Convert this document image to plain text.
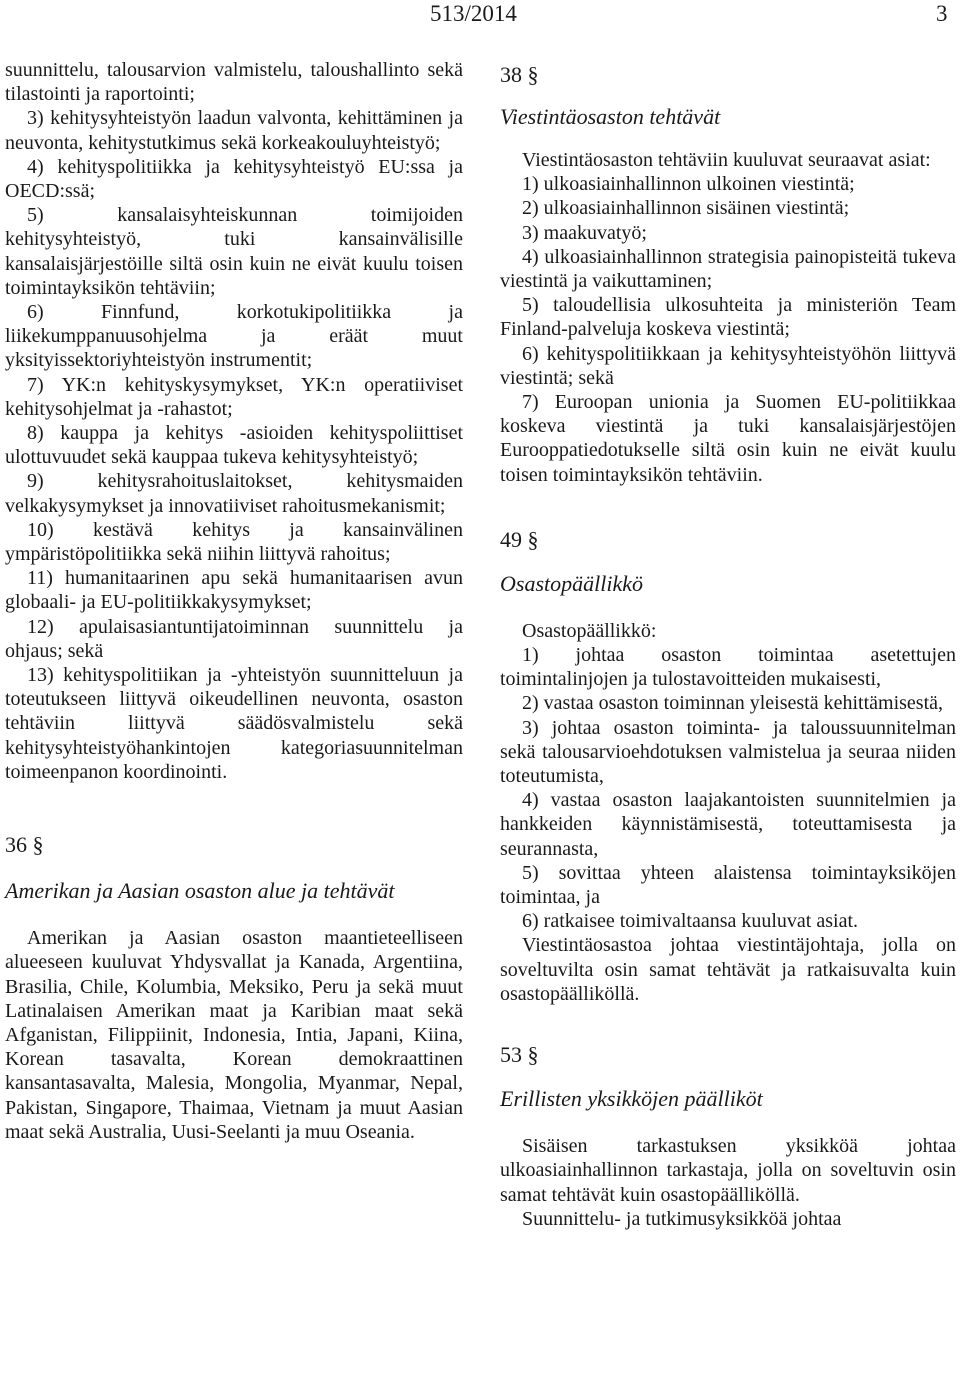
513/2014	3

suunnittelu, talousarvion valmistelu, taloushallinto sekä tilastointi ja raportointi;

3) kehitysyhteistyön laadun valvonta, kehittäminen ja neuvonta, kehitystutkimus sekä korkeakouluyhteistyö;

4) kehityspolitiikka ja kehitysyhteistyö EU:ssa ja OECD:ssä;

5) kansalaisyhteiskunnan toimijoiden kehitysyhteistyö, tuki kansainvälisille kansalaisjärjestöille siltä osin kuin ne eivät kuulu toisen toimintayksikön tehtäviin;

6) Finnfund, korkotukipolitiikka ja liikekumppanuusohjelma ja eräät muut yksityissektoriyhteistyön instrumentit;

7) YK:n kehityskysymykset, YK:n operatiiviset kehitysohjelmat ja -rahastot;

8) kauppa ja kehitys -asioiden kehityspoliittiset ulottuvuudet sekä kauppaa tukeva kehitysyhteistyö;

9) kehitysrahoituslaitokset, kehitysmaiden velkakysymykset ja innovatiiviset rahoitusmekanismit;

10) kestävä kehitys ja kansainvälinen ympäristöpolitiikka sekä niihin liittyvä rahoitus;

11) humanitaarinen apu sekä humanitaarisen avun globaali- ja EU-politiikkakysymykset;

12) apulaisasiantuntijatoiminnan suunnittelu ja ohjaus; sekä

13) kehityspolitiikan ja -yhteistyön suunnitteluun ja toteutukseen liittyvä oikeudellinen neuvonta, osaston tehtäviin liittyvä säädösvalmistelu sekä kehitysyhteistyöhankintojen kategoriasuunnitelman toimeenpanon koordinointi.

36 §

Amerikan ja Aasian osaston alue ja tehtävät

Amerikan ja Aasian osaston maantieteelliseen alueeseen kuuluvat Yhdysvallat ja Kanada, Argentiina, Brasilia, Chile, Kolumbia, Meksiko, Peru ja sekä muut Latinalaisen Amerikan maat ja Karibian maat sekä Afganistan, Filippiinit, Indonesia, Intia, Japani, Kiina, Korean tasavalta, Korean demokraattinen kansantasavalta, Malesia, Mongolia, Myanmar, Nepal, Pakistan, Singapore, Thaimaa, Vietnam ja muut Aasian maat sekä Australia, Uusi-Seelanti ja muu Oseania.

38 §

Viestintäosaston tehtävät

Viestintäosaston tehtäviin kuuluvat seuraavat asiat:

1) ulkoasiainhallinnon ulkoinen viestintä;

2) ulkoasiainhallinnon sisäinen viestintä;

3) maakuvatyö;

4) ulkoasiainhallinnon strategisia painopisteitä tukeva viestintä ja vaikuttaminen;

5) taloudellisia ulkosuhteita ja ministeriön Team Finland-palveluja koskeva viestintä;

6) kehityspolitiikkaan ja kehitysyhteistyöhön liittyvä viestintä; sekä

7) Euroopan unionia ja Suomen EU-politiikkaa koskeva viestintä ja tuki kansalaisjärjestöjen Eurooppatiedotukselle siltä osin kuin ne eivät kuulu toisen toimintayksikön tehtäviin.

49 §

Osastopäällikkö

Osastopäällikkö:

1) johtaa osaston toimintaa asetettujen toimintalinjojen ja tulostavoitteiden mukaisesti,

2) vastaa osaston toiminnan yleisestä kehittämisestä,

3) johtaa osaston toiminta- ja taloussuunnitelman sekä talousarvioehdotuksen valmistelua ja seuraa niiden toteutumista,

4) vastaa osaston laajakantoisten suunnitelmien ja hankkeiden käynnistämisestä, toteuttamisesta ja seurannasta,

5) sovittaa yhteen alaistensa toimintayksiköjen toimintaa, ja

6) ratkaisee toimivaltaansa kuuluvat asiat.

Viestintäosastoa johtaa viestintäjohtaja, jolla on soveltuvilta osin samat tehtävät ja ratkaisuvalta kuin osastopäälliköllä.

53 §

Erillisten yksikköjen päälliköt

Sisäisen tarkastuksen yksikköä johtaa ulkoasiainhallinnon tarkastaja, jolla on soveltuvin osin samat tehtävät kuin osastopäälliköllä.

Suunnittelu- ja tutkimusyksikköä johtaa
